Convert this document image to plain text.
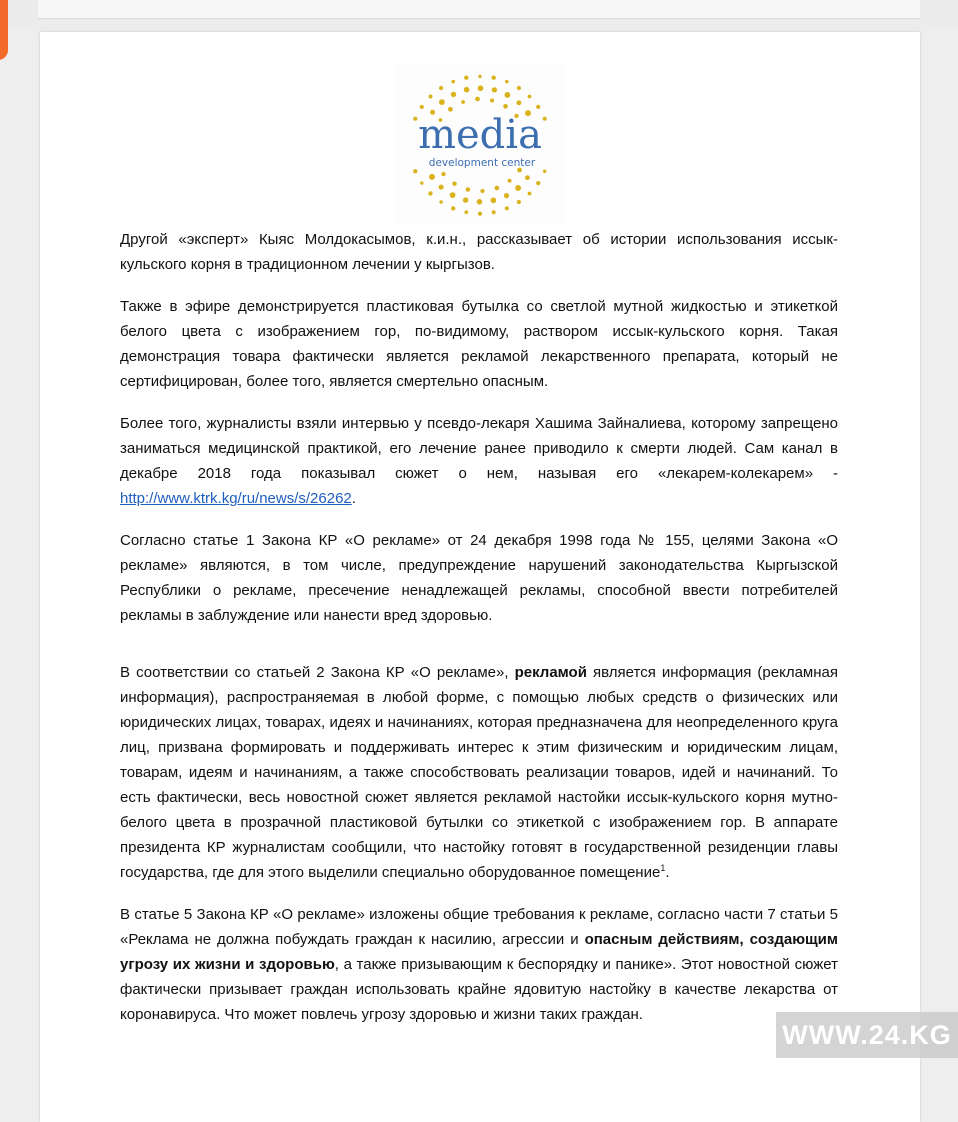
media
development center

Другой «эксперт» Кыяс Молдокасымов, к.и.н., рассказывает об истории использования иссык-кульского корня в традиционном лечении у кыргызов.

Также в эфире демонстрируется пластиковая бутылка со светлой мутной жидкостью и этикеткой белого цвета с изображением гор, по-видимому, раствором иссык-кульского корня. Такая демонстрация товара фактически является рекламой лекарственного препарата, который не сертифицирован, более того, является смертельно опасным.

Более того, журналисты взяли интервью у псевдо-лекаря Хашима Зайналиева, которому запрещено заниматься медицинской практикой, его лечение ранее приводило к смерти людей. Сам канал в декабре 2018 года показывал сюжет о нем, называя его «лекарем-колекарем» - http://www.ktrk.kg/ru/news/s/26262.

Согласно статье 1 Закона КР «О рекламе» от 24 декабря 1998 года № 155, целями Закона «О рекламе» являются, в том числе, предупреждение нарушений законодательства Кыргызской Республики о рекламе, пресечение ненадлежащей рекламы, способной ввести потребителей рекламы в заблуждение или нанести вред здоровью.

В соответствии со статьей 2 Закона КР «О рекламе», рекламой является информация (рекламная информация), распространяемая в любой форме, с помощью любых средств о физических или юридических лицах, товарах, идеях и начинаниях, которая предназначена для неопределенного круга лиц, призвана формировать и поддерживать интерес к этим физическим и юридическим лицам, товарам, идеям и начинаниям, а также способствовать реализации товаров, идей и начинаний. То есть фактически, весь новостной сюжет является рекламой настойки иссык-кульского корня мутно-белого цвета в прозрачной пластиковой бутылки со этикеткой с изображением гор. В аппарате президента КР журналистам сообщили, что настойку готовят в государственной резиденции главы государства, где для этого выделили специально оборудованное помещение$^1$.

В статье 5 Закона КР «О рекламе» изложены общие требования к рекламе, согласно части 7 статьи 5 «Реклама не должна побуждать граждан к насилию, агрессии и опасным действиям, создающим угрозу их жизни и здоровью, а также призывающим к беспорядку и панике». Этот новостной сюжет фактически призывает граждан использовать крайне ядовитую настойку в качестве лекарства от коронавируса. Что может повлечь угрозу здоровью и жизни таких граждан.

WWW.24.KG
